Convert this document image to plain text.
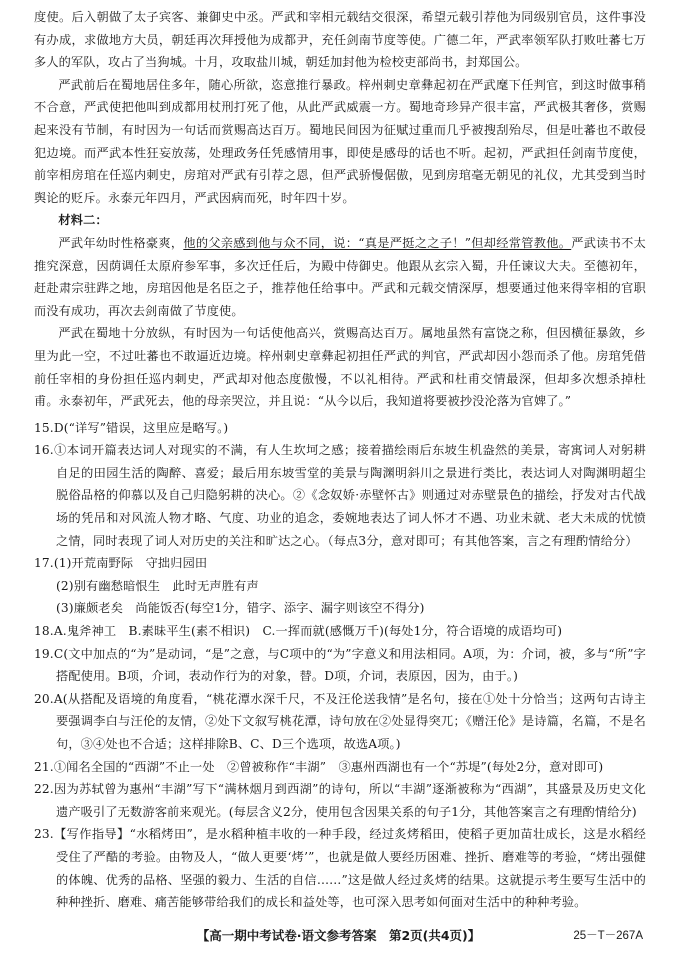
度使。后入朝做了太子宾客、兼御史中丞。严武和宰相元载结交很深，希望元载引荐他为同级别官员，这件事没有办成，求做地方大员，朝廷再次拜授他为成都尹，充任剑南节度等使。广德二年，严武率领军队打败吐蕃七万多人的军队，攻占了当狗城。十月，攻取盐川城，朝廷加封他为检校吏部尚书，封郑国公。

严武前后在蜀地居住多年，随心所欲，恣意推行暴政。梓州刺史章彝起初在严武麾下任判官，到这时做事稍不合意，严武使把他叫到成都用杖刑打死了他，从此严武威震一方。蜀地奇珍异产很丰富，严武极其奢侈，赏赐起来没有节制，有时因为一句话而赏赐高达百万。蜀地民间因为征赋过重而几乎被搜刮殆尽，但是吐蕃也不敢侵犯边境。而严武本性狂妄放荡，处理政务任凭感情用事，即使是感母的话也不听。起初，严武担任剑南节度使，前宰相房琯在任巡内刺史，房琯对严武有引荐之恩，但严武骄慢倨傲，见到房琯毫无朝见的礼仪，尤其受到当时舆论的贬斥。永泰元年四月，严武因病而死，时年四十岁。

材料二：

严武年幼时性格豪爽，他的父亲感到他与众不同，说：“真是严挺之之子！”但却经常管教他。严武读书不太推究深意，因荫调任太原府参军事，多次迁任后，为殿中侍御史。他跟从玄宗入蜀，升任谏议大夫。至德初年，赶赴肃宗驻跸之地，房琯因他是名臣之子，推荐他任给事中。严武和元载交情深厚，想要通过他来得宰相的官职而没有成功，再次去剑南做了节度使。

严武在蜀地十分放纵，有时因为一句话使他高兴，赏赐高达百万。属地虽然有富饶之称，但因横征暴敛，乡里为此一空，不过吐蕃也不敢逼近边境。梓州刺史章彝起初担任严武的判官，严武却因小怨而杀了他。房琯凭借前任宰相的身份担任巡内刺史，严武却对他态度傲慢，不以礼相待。严武和杜甫交情最深，但却多次想杀掉杜甫。永泰初年，严武死去，他的母亲哭泣，并且说：“从今以后，我知道将要被抄没沦落为官婢了。”

15.D(“详写”错误，这里应是略写。)

16.①本词开篇表达词人对现实的不满，有人生坎坷之感；接着描绘雨后东坡生机盎然的美景，寄寓词人对躬耕自足的田园生活的陶醉、喜爱；最后用东坡雪堂的美景与陶渊明斜川之景进行类比，表达词人对陶渊明超尘脱俗品格的仰慕以及自己归隐躬耕的决心。②《念奴娇·赤壁怀古》则通过对赤壁景色的描绘，抒发对古代战场的凭吊和对风流人物才略、气度、功业的追念，委婉地表达了词人怀才不遇、功业未就、老大未成的忧愤之情，同时表现了词人对历史的关注和旷达之心。（每点3分，意对即可；有其他答案，言之有理酌情给分）

17.(1)开荒南野际　守拙归园田

(2)别有幽愁暗恨生　此时无声胜有声

(3)廉颇老矣　尚能饭否(每空1分，错字、添字、漏字则该空不得分)

18.A.鬼斧神工　B.素昧平生(素不相识)　C.一挥而就(感慨万千)(每处1分，符合语境的成语均可)

19.C(文中加点的“为”是动词，“是”之意，与C项中的“为”字意义和用法相同。A项，为：介词，被，多与“所”字搭配使用。B项，介词，表动作行为的对象，替。D项，介词，表原因，因为，由于。)

20.A(从搭配及语境的角度看，“桃花潭水深千尺，不及汪伦送我情”是名句，接在①处十分恰当；这两句古诗主要强调李白与汪伦的友情，②处下文叙写桃花潭，诗句放在②处显得突兀；《赠汪伦》是诗篇，名篇，不是名句，③④处也不合适；这样排除B、C、D三个选项，故选A项。)

21.①闻名全国的“西湖”不止一处　②曾被称作“丰湖”　③惠州西湖也有一个“苏堤”(每处2分，意对即可)

22.因为苏轼曾为惠州“丰湖”写下“满林烟月到西湖”的诗句，所以“丰湖”逐渐被称为“西湖”，其盛景及历史文化遗产吸引了无数游客前来观光。(每层含义2分，使用包含因果关系的句子1分，其他答案言之有理酌情给分)

23.【写作指导】“水稻烤田”，是水稻种植丰收的一种手段，经过炙烤稻田，使稻子更加苗壮成长，这是水稻经受住了严酷的考验。由物及人，“做人更要‘烤’”，也就是做人要经历困难、挫折、磨难等的考验，“烤出强健的体魄、优秀的品格、坚强的毅力、生活的自信……”这是做人经过炙烤的结果。这就提示考生要写生活中的种种挫折、磨难、痛苦能够带给我们的成长和益处等，也可深入思考如何面对生活中的种种考验。

【高一期中考试卷·语文参考答案　第2页(共4页)】	25－T－267A
